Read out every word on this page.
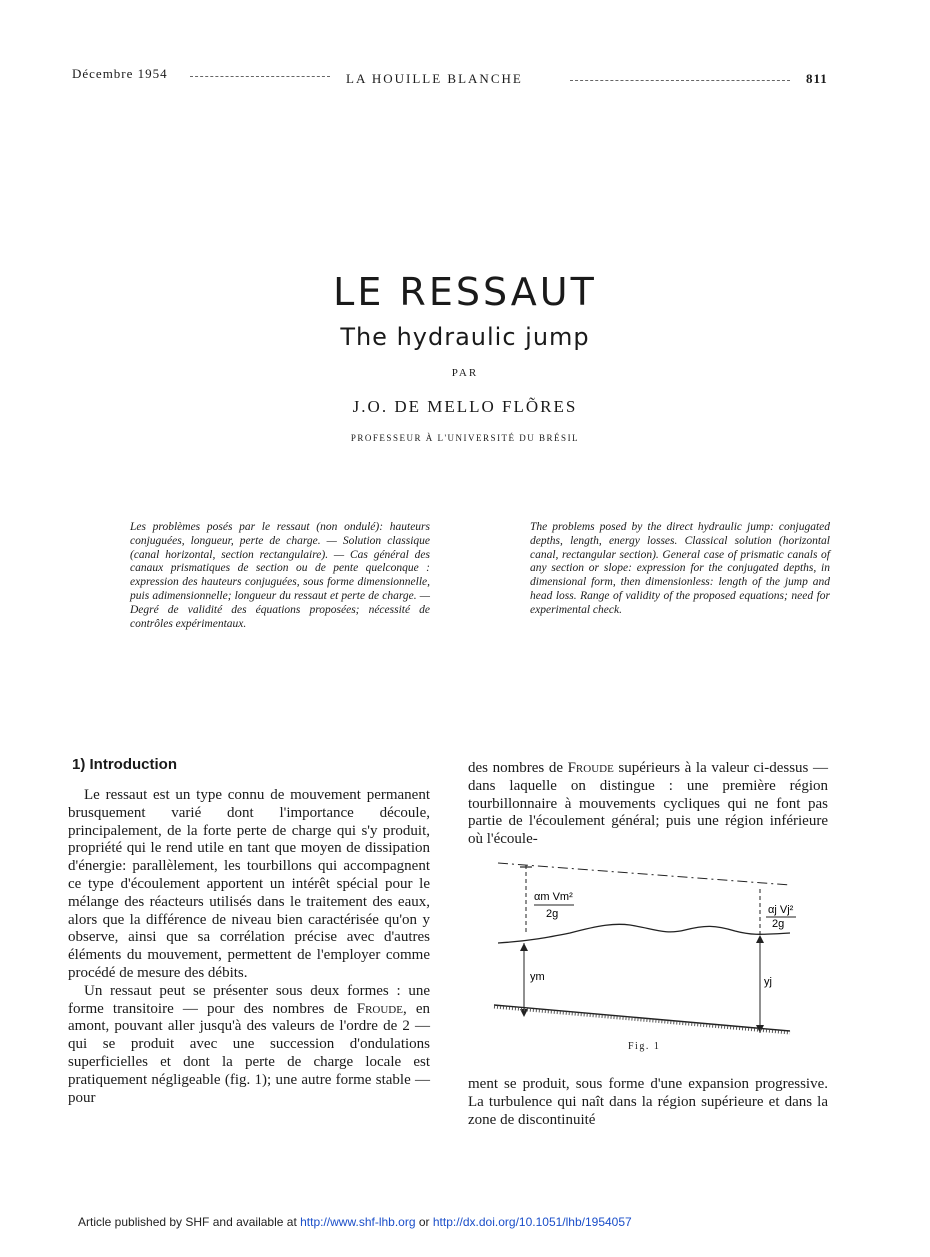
Décembre 1954	LA HOUILLE BLANCHE	811
LE RESSAUT
The hydraulic jump
PAR
J.O. DE MELLO FLÕRES
PROFESSEUR À L'UNIVERSITÉ DU BRÉSIL
Les problèmes posés par le ressaut (non ondulé): hauteurs conjuguées, longueur, perte de charge. — Solution classique (canal horizontal, section rectangulaire). — Cas général des canaux prismatiques de section ou de pente quelconque : expression des hauteurs conjuguées, sous forme dimensionnelle, puis adimensionnelle; longueur du ressaut et perte de charge. — Degré de validité des équations proposées; nécessité de contrôles expérimentaux.
The problems posed by the direct hydraulic jump: conjugated depths, length, energy losses. Classical solution (horizontal canal, rectangular section). General case of prismatic canals of any section or slope: expression for the conjugated depths, in dimensional form, then dimensionless: length of the jump and head loss. Range of validity of the proposed equations; need for experimental check.
1) Introduction

Le ressaut est un type connu de mouvement permanent brusquement varié dont l'importance découle, principalement, de la forte perte de charge qui s'y produit, propriété qui le rend utile en tant que moyen de dissipation d'énergie: parallèlement, les tourbillons qui accompagnent ce type d'écoulement apportent un intérêt spécial pour le mélange des réacteurs utilisés dans le traitement des eaux, alors que la différence de niveau bien caractérisée qu'on y observe, ainsi que sa corrélation précise avec d'autres éléments du mouvement, permettent de l'employer comme procédé de mesure des débits.

Un ressaut peut se présenter sous deux formes : une forme transitoire — pour des nombres de Froude, en amont, pouvant aller jusqu'à des valeurs de l'ordre de 2 — qui se produit avec une succession d'ondulations superficielles et dont la perte de charge locale est pratiquement négligeable (fig. 1); une autre forme stable — pour

des nombres de Froude supérieurs à la valeur ci-dessus — dans laquelle on distingue : une première région tourbillonnaire à mouvements cycliques qui ne font pas partie de l'écoulement général; puis une région inférieure où l'écoule-

αm Vm²
2g	αj Vj²
2g
ym	yj
Fig. 1

ment se produit, sous forme d'une expansion progressive. La turbulence qui naît dans la région supérieure et dans la zone de discontinuité

Article published by SHF and available at http://www.shf-lhb.org or http://dx.doi.org/10.1051/lhb/1954057
